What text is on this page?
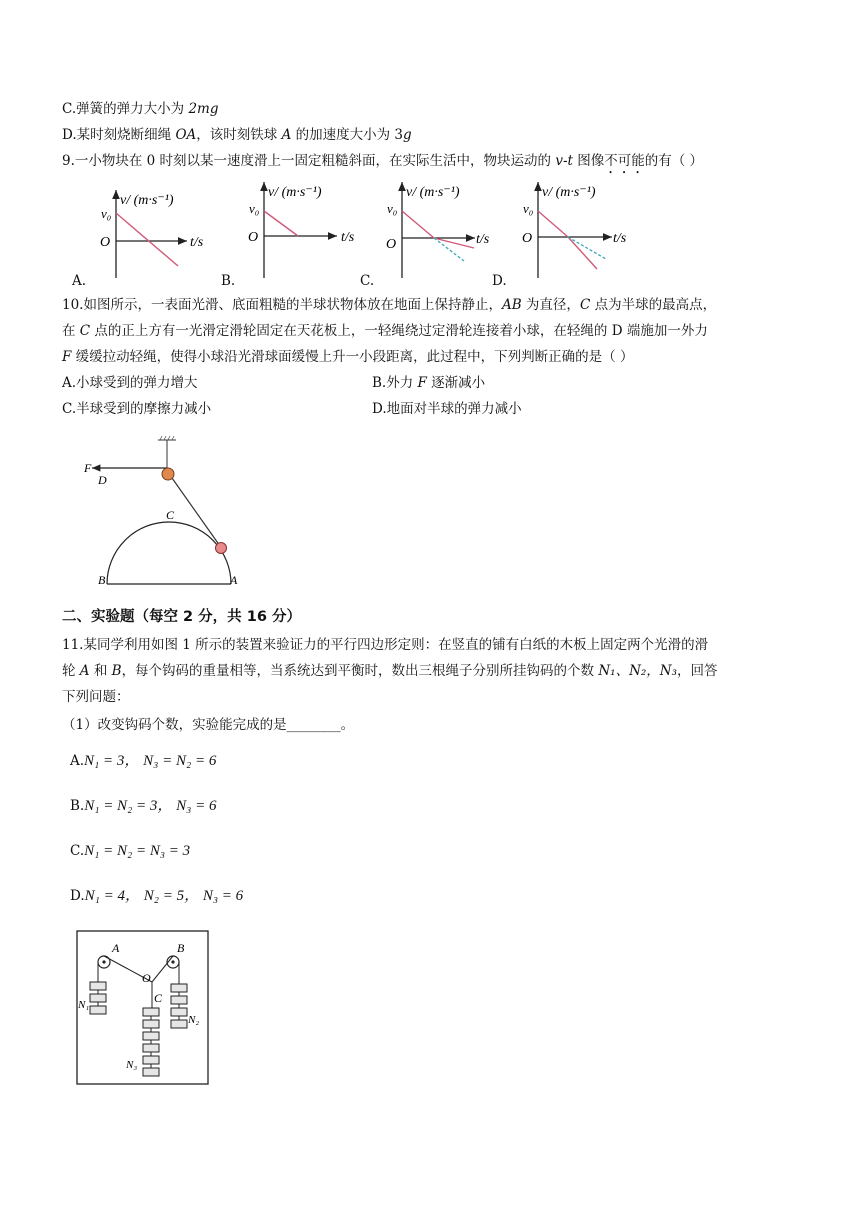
C.弹簧的弹力大小为 2mg
D.某时刻烧断细绳 OA，该时刻铁球 A 的加速度大小为 3g
9.一小物块在 0 时刻以某一速度滑上一固定粗糙斜面，在实际生活中，物块运动的 v-t 图像不可能的有（ ）
v/ (m·s⁻¹)
t/s
v₀
O
v/ (m·s⁻¹)
t/s
v₀
O
v/ (m·s⁻¹)
t/s
v₀
O
v/ (m·s⁻¹)
t/s
v₀
O
A.	B.	C.	D.
10.如图所示，一表面光滑、底面粗糙的半球状物体放在地面上保持静止，AB 为直径，C 点为半球的最高点，
在 C 点的正上方有一光滑定滑轮固定在天花板上，一轻绳绕过定滑轮连接着小球，在轻绳的 D 端施加一外力
F 缓缓拉动轻绳，使得小球沿光滑球面缓慢上升一小段距离，此过程中，下列判断正确的是（ ）
A.小球受到的弹力增大	B.外力 F 逐渐减小
C.半球受到的摩擦力减小	D.地面对半球的弹力减小
F
D
C
A
B
二、实验题（每空 2 分，共 16 分）
11.某同学利用如图 1 所示的装置来验证力的平行四边形定则：在竖直的铺有白纸的木板上固定两个光滑的滑
轮 A 和 B，每个钩码的重量相等，当系统达到平衡时，数出三根绳子分别所挂钩码的个数 N₁、N₂，N₃，回答
下列问题：
（1）改变钩码个数，实验能完成的是________。
A.N₁ = 3， N₃ = N₂ = 6
B.N₁ = N₂ = 3， N₃ = 6
C.N₁ = N₂ = N₃ = 3
D.N₁ = 4， N₂ = 5， N₃ = 6
A	B
O
C
N₁
N₂
N₃
